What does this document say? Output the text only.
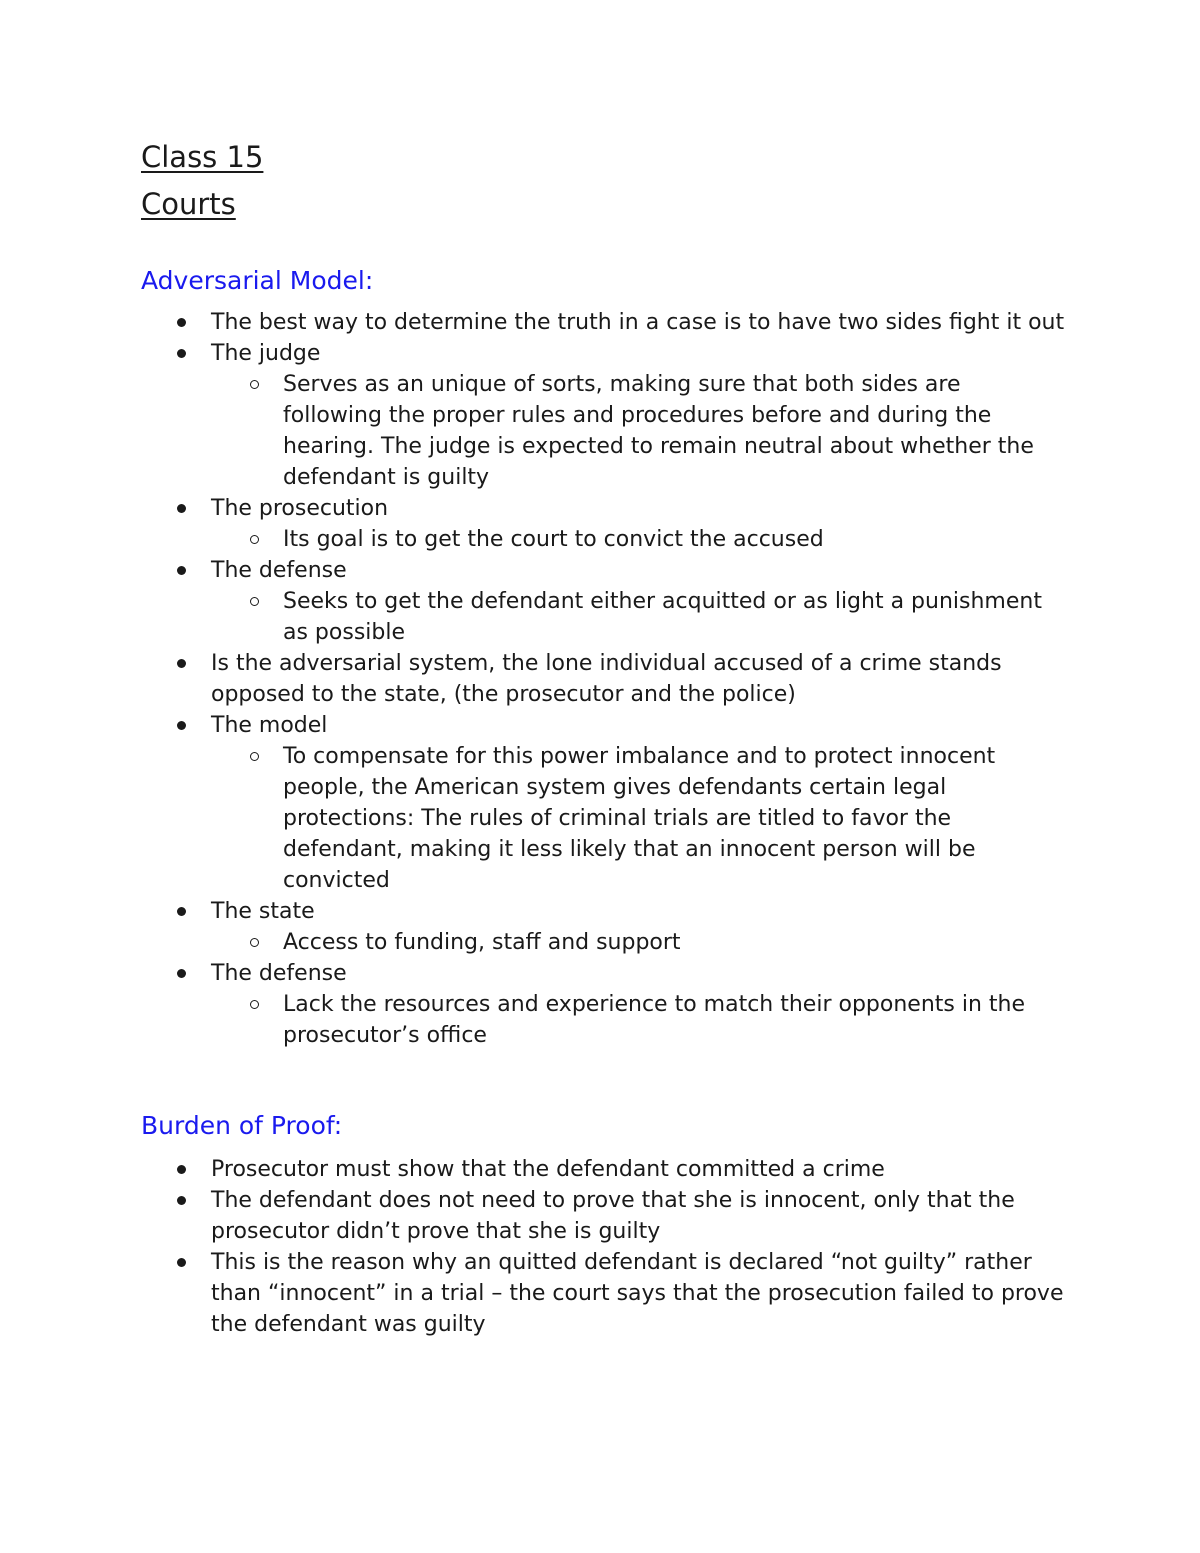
Class 15
Courts
Adversarial Model:
The best way to determine the truth in a case is to have two sides fight it out
The judge
Serves as an unique of sorts, making sure that both sides are following the proper rules and procedures before and during the hearing. The judge is expected to remain neutral about whether the defendant is guilty
The prosecution
Its goal is to get the court to convict the accused
The defense
Seeks to get the defendant either acquitted or as light a punishment as possible
Is the adversarial system, the lone individual accused of a crime stands opposed to the state, (the prosecutor and the police)
The model
To compensate for this power imbalance and to protect innocent people, the American system gives defendants certain legal protections: The rules of criminal trials are titled to favor the defendant, making it less likely that an innocent person will be convicted
The state
Access to funding, staff and support
The defense
Lack the resources and experience to match their opponents in the prosecutor’s office
Burden of Proof:
Prosecutor must show that the defendant committed a crime
The defendant does not need to prove that she is innocent, only that the prosecutor didn’t prove that she is guilty
This is the reason why an quitted defendant is declared “not guilty” rather than “innocent” in a trial – the court says that the prosecution failed to prove the defendant was guilty
